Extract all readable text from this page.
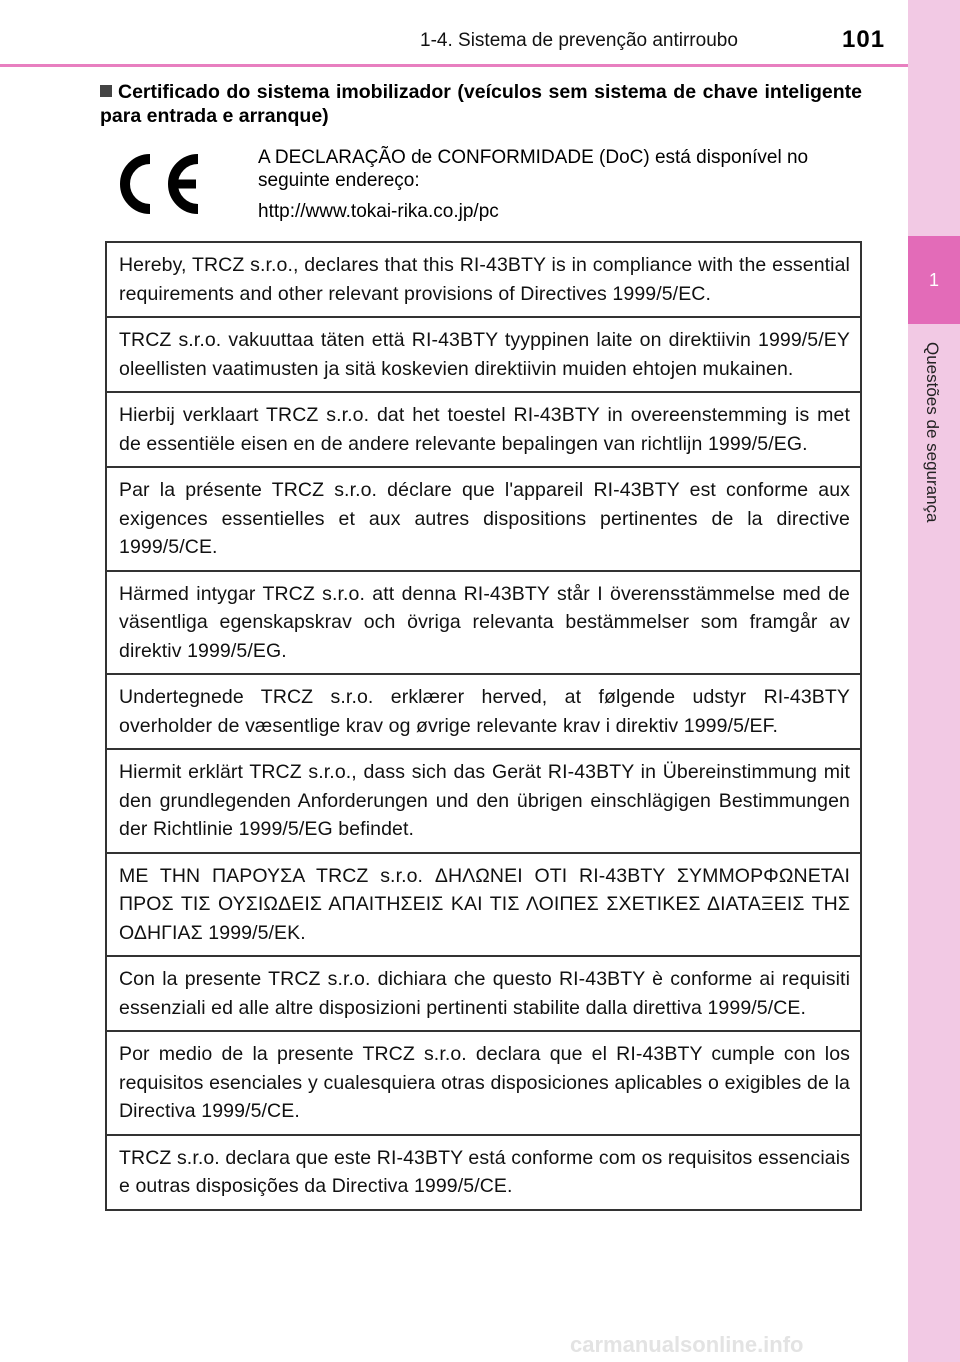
1-4. Sistema de prevenção antirroubo	101
1
Questões de segurança
Certificado do sistema imobilizador (veículos sem sistema de chave inteligente para entrada e arranque)

A DECLARAÇÃO de CONFORMIDADE (DoC) está disponível no seguinte endereço:

http://www.tokai-rika.co.jp/pc

Hereby, TRCZ s.r.o., declares that this RI-43BTY is in compliance with the essential requirements and other relevant provisions of Directives 1999/5/EC.
TRCZ s.r.o. vakuuttaa täten että RI-43BTY tyyppinen laite on direktiivin 1999/5/EY oleellisten vaatimusten ja sitä koskevien direktiivin muiden ehtojen mukainen.
Hierbij verklaart TRCZ s.r.o. dat het toestel RI-43BTY in overeenstemming is met de essentiële eisen en de andere relevante bepalingen van richtlijn 1999/5/EG.
Par la présente TRCZ s.r.o. déclare que l'appareil RI-43BTY est conforme aux exigences essentielles et aux autres dispositions pertinentes de la directive 1999/5/CE.
Härmed intygar TRCZ s.r.o. att denna RI-43BTY står I överensstämmelse med de väsentliga egenskapskrav och övriga relevanta bestämmelser som framgår av direktiv 1999/5/EG.
Undertegnede TRCZ s.r.o. erklærer herved, at følgende udstyr RI-43BTY overholder de væsentlige krav og øvrige relevante krav i direktiv 1999/5/EF.
Hiermit erklärt TRCZ s.r.o., dass sich das Gerät RI-43BTY in Übereinstimmung mit den grundlegenden Anforderungen und den übrigen einschlägigen Bestimmungen der Richtlinie 1999/5/EG befindet.
ΜΕ ΤΗΝ ΠΑΡΟΥΣΑ TRCZ s.r.o. ΔΗΛΩΝΕΙ ΟΤΙ RI-43BTY ΣΥΜΜΟΡΦΩΝΕΤΑΙ ΠΡΟΣ ΤΙΣ ΟΥΣΙΩΔΕΙΣ ΑΠΑΙΤΗΣΕΙΣ ΚΑΙ ΤΙΣ ΛΟΙΠΕΣ ΣΧΕΤΙΚΕΣ ΔΙΑΤΑΞΕΙΣ ΤΗΣ ΟΔΗΓΙΑΣ 1999/5/ΕΚ.
Con la presente TRCZ s.r.o. dichiara che questo RI-43BTY è conforme ai requisiti essenziali ed alle altre disposizioni pertinenti stabilite dalla direttiva 1999/5/CE.
Por medio de la presente TRCZ s.r.o. declara que el RI-43BTY cumple con los requisitos esenciales y cualesquiera otras disposiciones aplicables o exigibles de la Directiva 1999/5/CE.
TRCZ s.r.o. declara que este RI-43BTY está conforme com os requisitos essenciais e outras disposições da Directiva 1999/5/CE.
carmanualsonline.info
